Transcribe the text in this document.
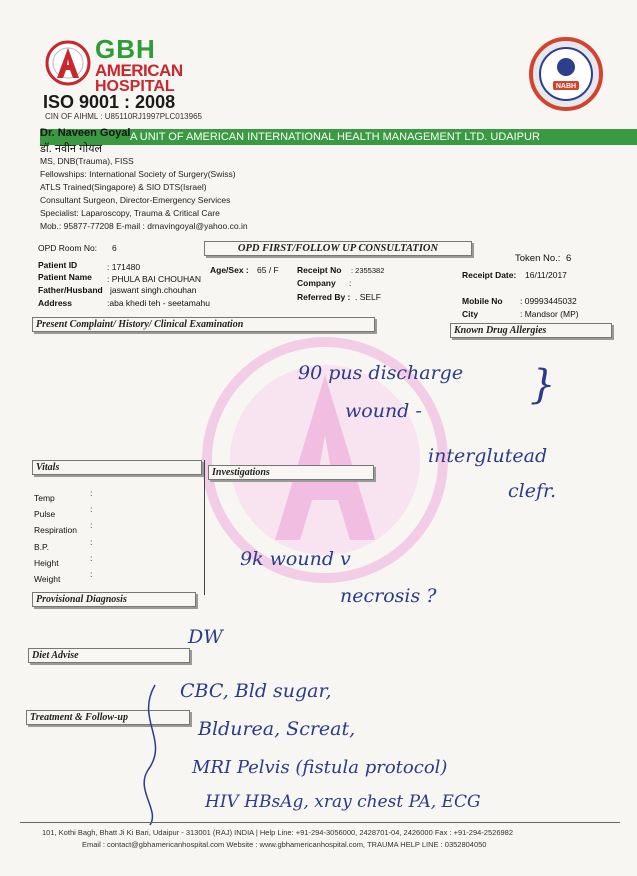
GBH
AMERICAN
HOSPITAL
ISO 9001 : 2008
CIN OF AIHML : U85110RJ1997PLC013965
NABH
A UNIT OF AMERICAN INTERNATIONAL HEALTH MANAGEMENT LTD. UDAIPUR
Dr. Naveen Goyal
डॉ. नवीन गोयल
MS, DNB(Trauma), FISS
Fellowships: International Society of Surgery(Swiss)
ATLS Trained(Singapore) & SIO DTS(Israel)
Consultant Surgeon, Director-Emergency Services
Specialist: Laparoscopy, Trauma & Critical Care
Mob.: 95877-77208 E-mail : drnavingoyal@yahoo.co.in
OPD Room No: 6	OPD FIRST/FOLLOW UP CONSULTATION
Token No.: 6
Patient ID	: 171480
Patient Name : PHULA BAI CHOUHAN
Father/Husband jaswant singh.chouhan
Address	:aba khedi teh - seetamahu
Age/Sex : 65 / F Receipt No : 2355382
Company :
Referred By : . SELF
Receipt Date: 16/11/2017
Mobile No : 09993445032
City	: Mandsor (MP)
Present Complaint/ History/ Clinical Examination
Known Drug Allergies
Vitals	Investigations
Temp	:
Pulse	:
Respiration :
B.P.	:
Height	:
Weight	:
Provisional Diagnosis
Diet Advise
Treatment & Follow-up
90 pus discharge }
wound -
interglutead
clefr.
9k wound v
necrosis ?
DW
CBC, Bld sugar,
Bldurea, Screat,
MRI Pelvis (fistula protocol)
HIV HBsAg, xray chest PA, ECG
101, Kothi Bagh, Bhatt Ji Ki Bari, Udaipur - 313001 (RAJ) INDIA | Help Line: +91-294-3056000, 2428701-04, 2426000 Fax : +91-294-2526982
Email : contact@gbhamericanhospital.com Website : www.gbhamericanhospital.com, TRAUMA HELP LINE : 0352804050
